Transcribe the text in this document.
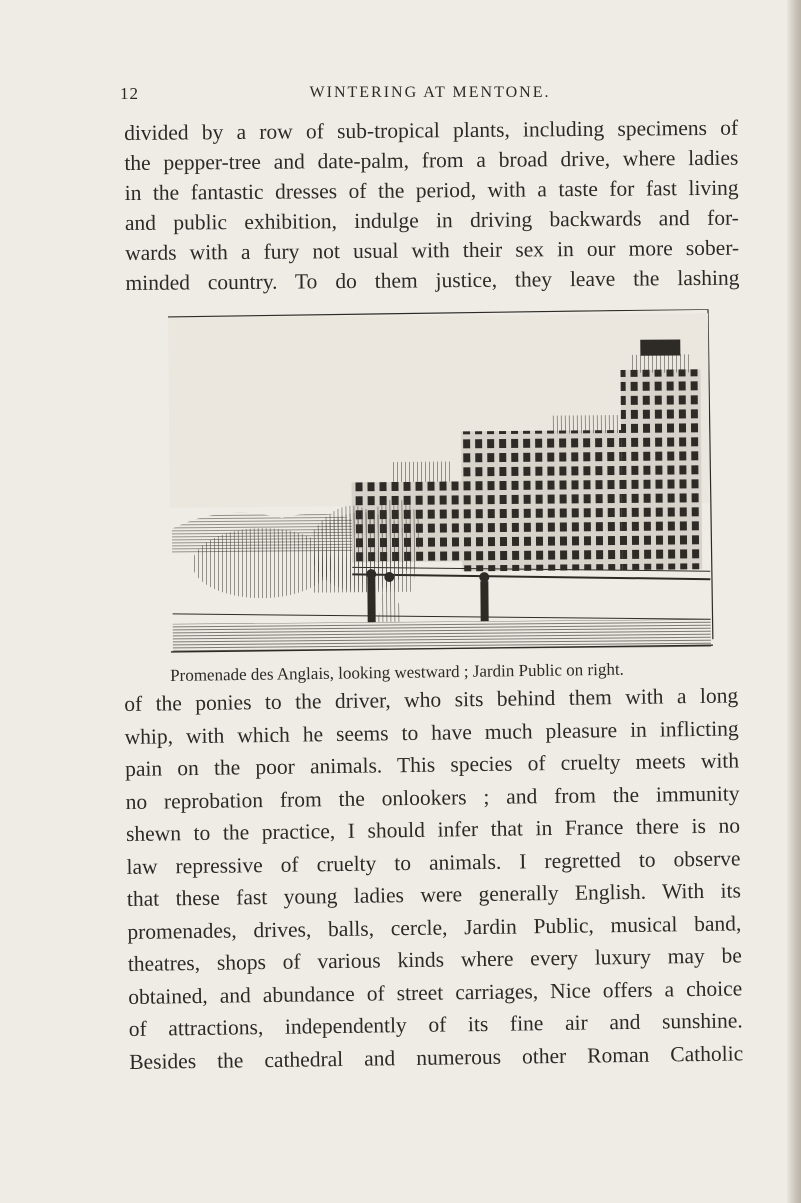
12	WINTERING AT MENTONE.
divided by a row of sub-tropical plants, including specimens of
the pepper-tree and date-palm, from a broad drive, where ladies
in the fantastic dresses of the period, with a taste for fast living
and public exhibition, indulge in driving backwards and for-
wards with a fury not usual with their sex in our more sober-
minded country. To do them justice, they leave the lashing
Promenade des Anglais, looking westward ; Jardin Public on right.
of the ponies to the driver, who sits behind them with a long
whip, with which he seems to have much pleasure in inflicting
pain on the poor animals. This species of cruelty meets with
no reprobation from the onlookers ; and from the immunity
shewn to the practice, I should infer that in France there is no
law repressive of cruelty to animals. I regretted to observe
that these fast young ladies were generally English. With its
promenades, drives, balls, cercle, Jardin Public, musical band,
theatres, shops of various kinds where every luxury may be
obtained, and abundance of street carriages, Nice offers a choice
of attractions, independently of its fine air and sunshine.
Besides the cathedral and numerous other Roman Catholic
